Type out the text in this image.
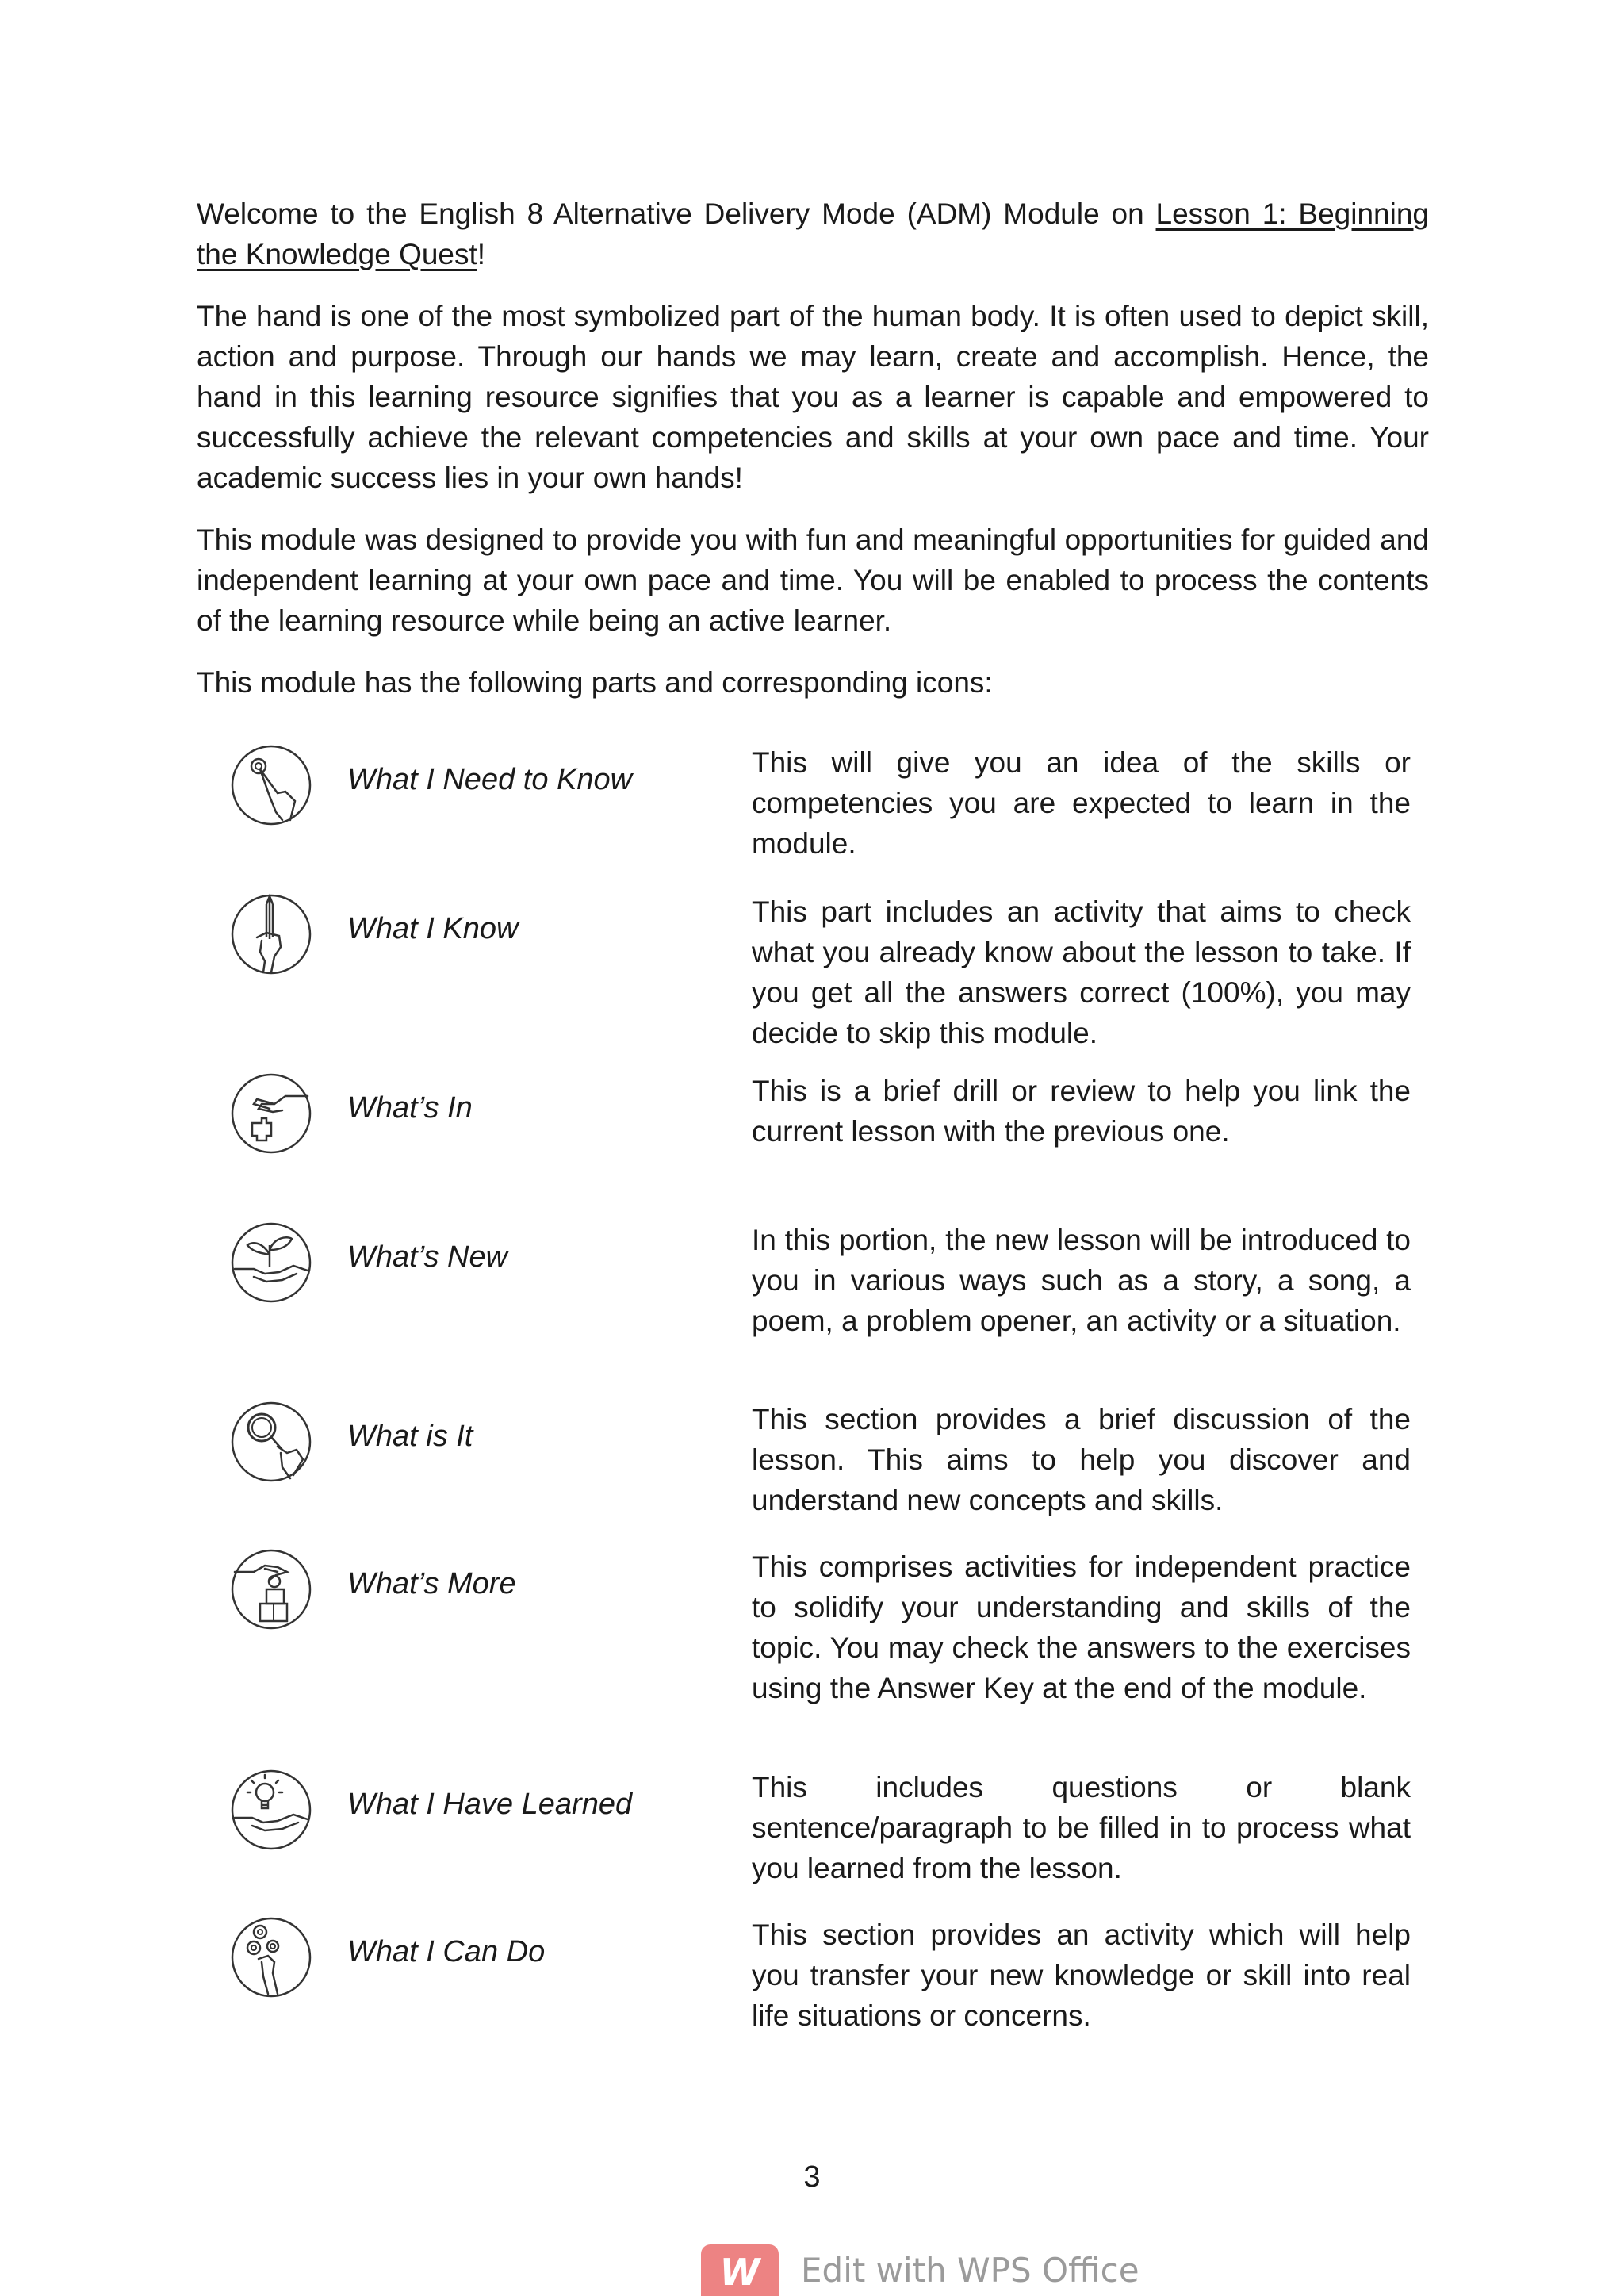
Welcome to the English 8 Alternative Delivery Mode (ADM) Module on Lesson 1: Beginning the Knowledge Quest!

The hand is one of the most symbolized part of the human body. It is often used to depict skill, action and purpose. Through our hands we may learn, create and accomplish. Hence, the hand in this learning resource signifies that you as a learner is capable and empowered to successfully achieve the relevant competencies and skills at your own pace and time. Your academic success lies in your own hands!

This module was designed to provide you with fun and meaningful opportunities for guided and independent learning at your own pace and time. You will be enabled to process the contents of the learning resource while being an active learner.

This module has the following parts and corresponding icons:

What I Need to Know
This will give you an idea of the skills or competencies you are expected to learn in the module.
What I Know
This part includes an activity that aims to check what you already know about the lesson to take. If you get all the answers correct (100%), you may decide to skip this module.
What’s In
This is a brief drill or review to help you link the current lesson with the previous one.
What’s New
In this portion, the new lesson will be introduced to you in various ways such as a story, a song, a poem, a problem opener, an activity or a situation.
What is It
This section provides a brief discussion of the lesson. This aims to help you discover and understand new concepts and skills.
What’s More
This comprises activities for independent practice to solidify your understanding and skills of the topic. You may check the answers to the exercises using the Answer Key at the end of the module.
What I Have Learned
This includes questions or blank sentence/paragraph to be filled in to process what you learned from the lesson.
What I Can Do
This section provides an activity which will help you transfer your new knowledge or skill into real life situations or concerns.
3
W	Edit with WPS Office
